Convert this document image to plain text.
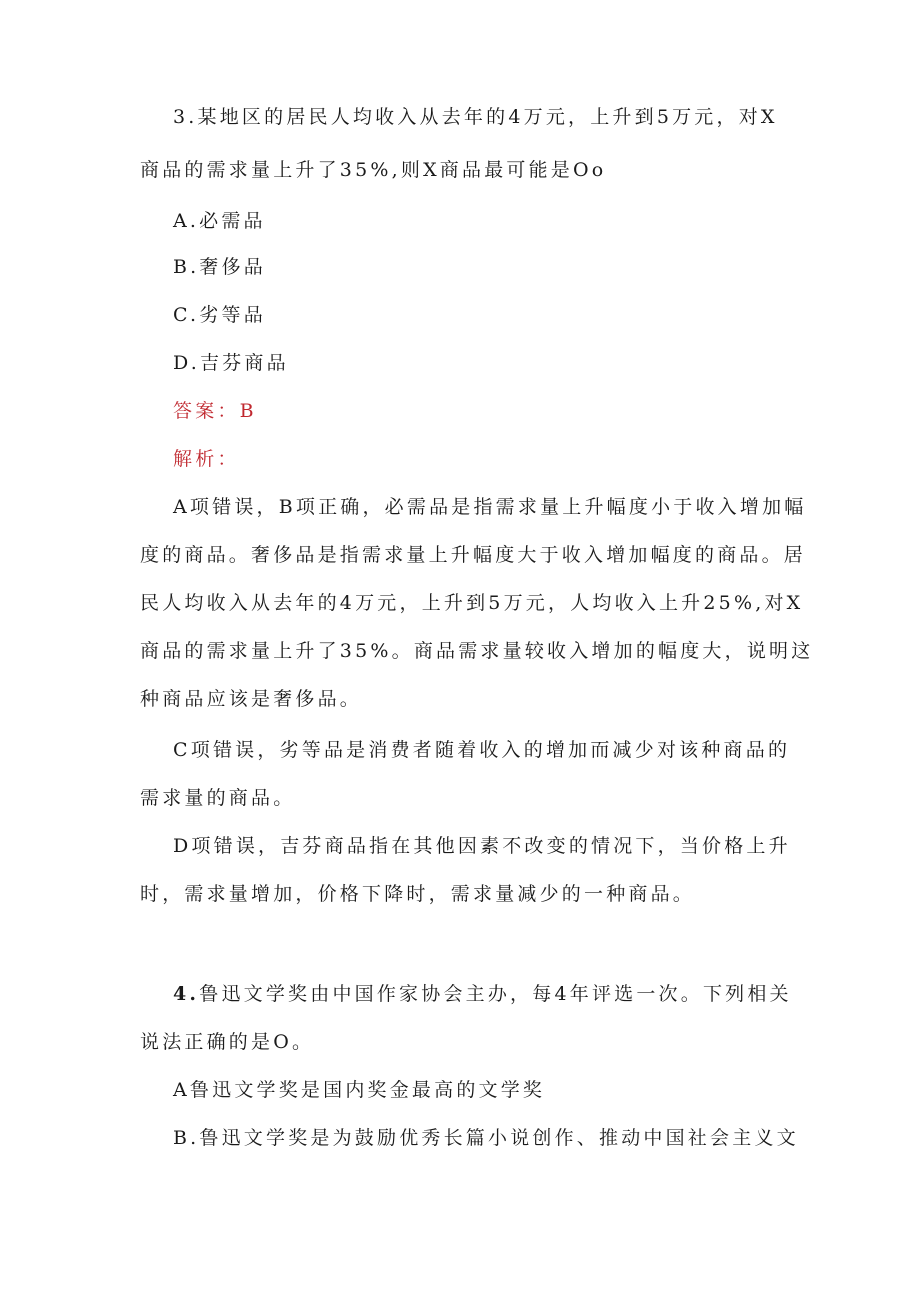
3.某地区的居民人均收入从去年的4万元，上升到5万元，对X
商品的需求量上升了35%,则X商品最可能是Oo
A.必需品
B.奢侈品
C.劣等品
D.吉芬商品
答案：B
解析：
A项错误，B项正确，必需品是指需求量上升幅度小于收入增加幅
度的商品。奢侈品是指需求量上升幅度大于收入增加幅度的商品。居
民人均收入从去年的4万元，上升到5万元，人均收入上升25%,对X
商品的需求量上升了35%。商品需求量较收入增加的幅度大，说明这
种商品应该是奢侈品。
C项错误，劣等品是消费者随着收入的增加而减少对该种商品的
需求量的商品。
D项错误，吉芬商品指在其他因素不改变的情况下，当价格上升
时，需求量增加，价格下降时，需求量减少的一种商品。
4.鲁迅文学奖由中国作家协会主办，每4年评选一次。下列相关
说法正确的是O。
A鲁迅文学奖是国内奖金最高的文学奖
B.鲁迅文学奖是为鼓励优秀长篇小说创作、推动中国社会主义文
